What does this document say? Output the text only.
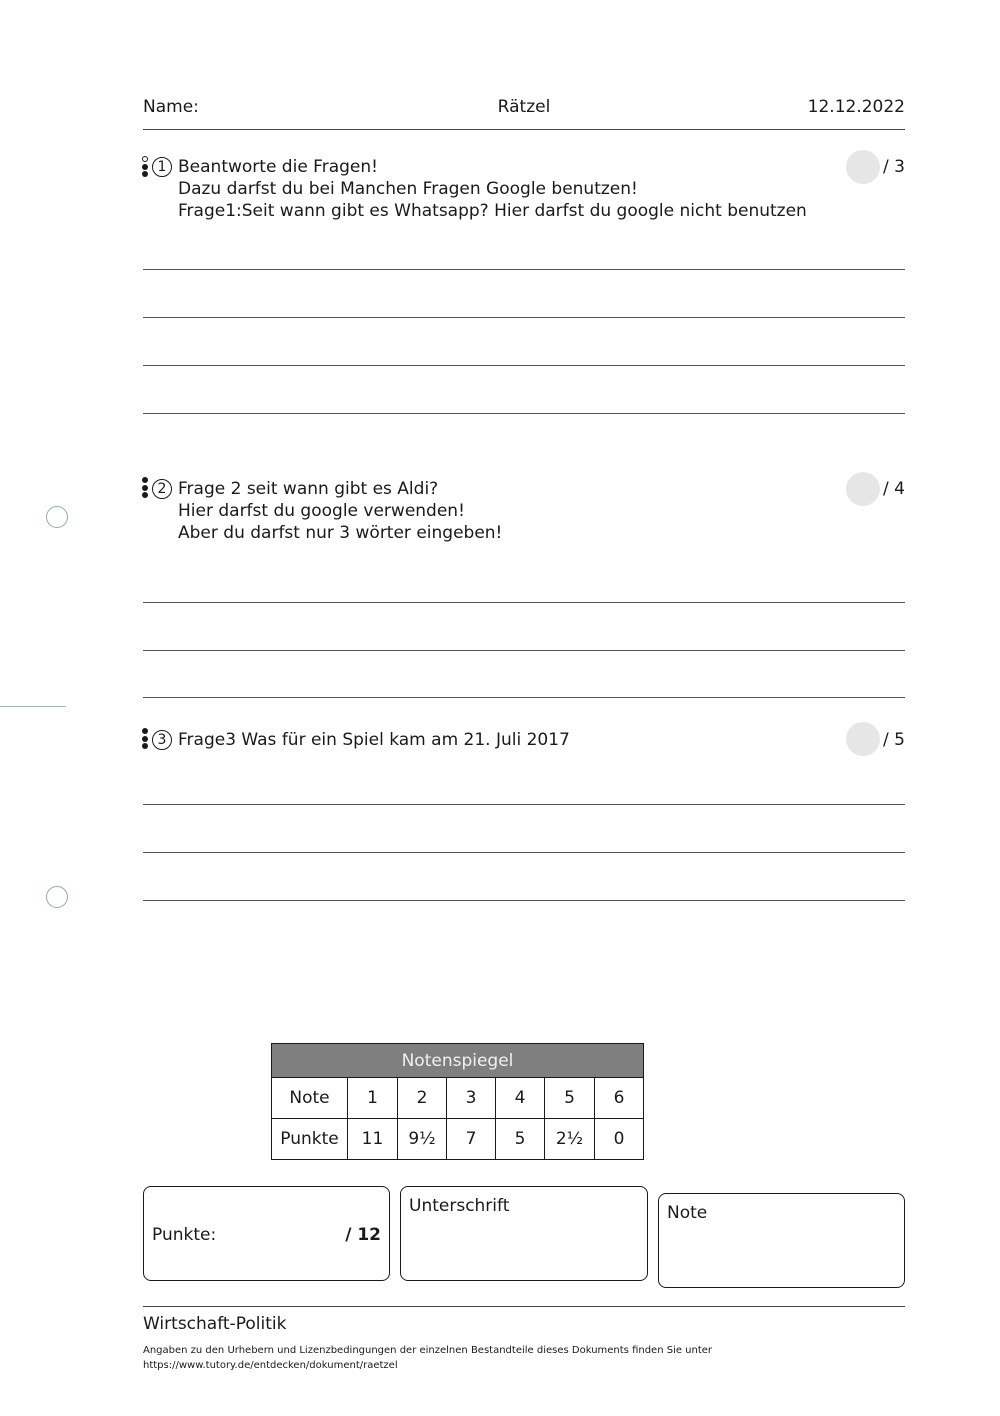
Name:	Rätzel	12.12.2022
1	/ 3
Beantworte die Fragen!
Dazu darfst du bei Manchen Fragen Google benutzen!
Frage1:Seit wann gibt es Whatsapp? Hier darfst du google nicht benutzen
2	/ 4
Frage 2 seit wann gibt es Aldi?
Hier darfst du google verwenden!
Aber du darfst nur 3 wörter eingeben!
3	/ 5
Frage3 Was für ein Spiel kam am 21. Juli 2017
Notenspiegel						
Note	1	2	3	4	5	6
Punkte	11	9½	7	5	2½	0
Punkte:	/ 12
Unterschrift	Note
Wirtschaft-Politik
Angaben zu den Urhebern und Lizenzbedingungen der einzelnen Bestandteile dieses Dokuments finden Sie unter
https://www.tutory.de/entdecken/dokument/raetzel
